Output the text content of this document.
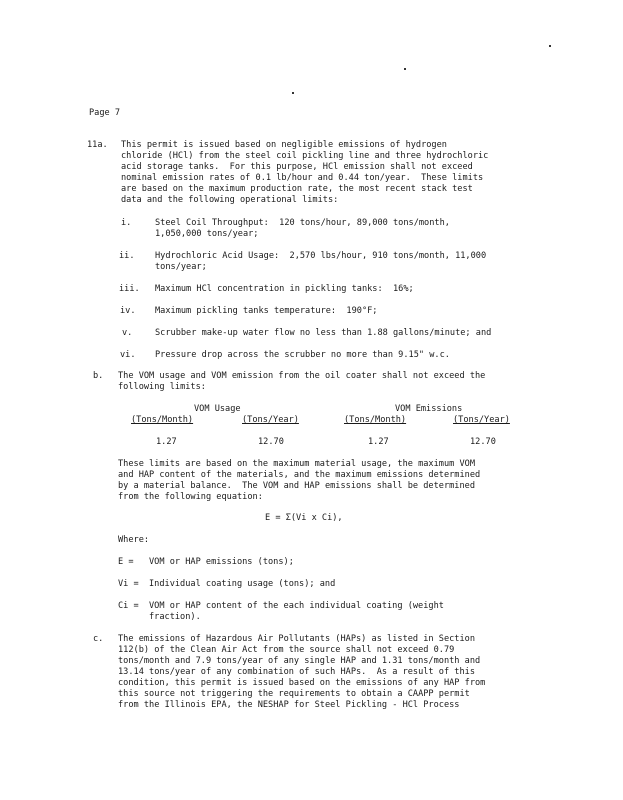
Page 7
11a. This permit is issued based on negligible emissions of hydrogen
chloride (HCl) from the steel coil pickling line and three hydrochloric
acid storage tanks.  For this purpose, HCl emission shall not exceed
nominal emission rates of 0.1 lb/hour and 0.44 ton/year.  These limits
are based on the maximum production rate, the most recent stack test
data and the following operational limits:
i.	Steel Coil Throughput:  120 tons/hour, 89,000 tons/month,
1,050,000 tons/year;
ii. Hydrochloric Acid Usage:  2,570 lbs/hour, 910 tons/month, 11,000
tons/year;
iii. Maximum HCl concentration in pickling tanks:  16%;
iv. Maximum pickling tanks temperature:  190°F;
v.	Scrubber make-up water flow no less than 1.88 gallons/minute; and
vi. Pressure drop across the scrubber no more than 9.15" w.c.
b. The VOM usage and VOM emission from the oil coater shall not exceed the
following limits:
VOM Usage	VOM Emissions
(Tons/Month)	(Tons/Year)	(Tons/Month)	(Tons/Year)
1.27	12.70	1.27	12.70
These limits are based on the maximum material usage, the maximum VOM
and HAP content of the materials, and the maximum emissions determined
by a material balance.  The VOM and HAP emissions shall be determined
from the following equation:
E = Σ(Vi x Ci),
Where:
E = VOM or HAP emissions (tons);
Vi = Individual coating usage (tons); and
Ci = VOM or HAP content of the each individual coating (weight
fraction).
c. The emissions of Hazardous Air Pollutants (HAPs) as listed in Section
112(b) of the Clean Air Act from the source shall not exceed 0.79
tons/month and 7.9 tons/year of any single HAP and 1.31 tons/month and
13.14 tons/year of any combination of such HAPs.  As a result of this
condition, this permit is issued based on the emissions of any HAP from
this source not triggering the requirements to obtain a CAAPP permit
from the Illinois EPA, the NESHAP for Steel Pickling - HCl Process
